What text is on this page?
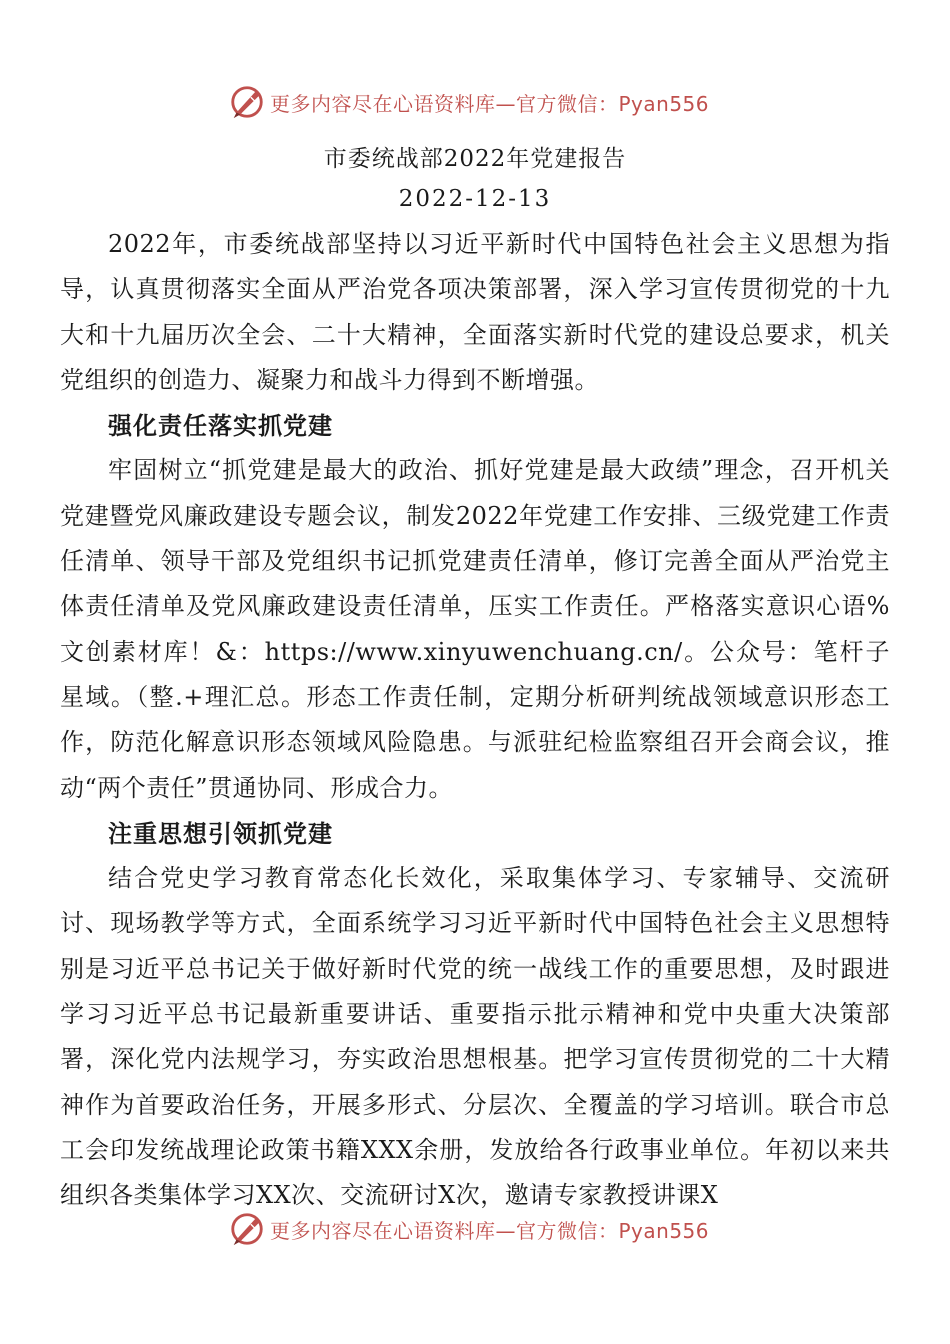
更多内容尽在心语资料库—官方微信：Pyan556
市委统战部2022年党建报告
2022-12-13

2022年，市委统战部坚持以习近平新时代中国特色社会主义思想为指导，认真贯彻落实全面从严治党各项决策部署，深入学习宣传贯彻党的十九大和十九届历次全会、二十大精神，全面落实新时代党的建设总要求，机关党组织的创造力、凝聚力和战斗力得到不断增强。

强化责任落实抓党建

牢固树立“抓党建是最大的政治、抓好党建是最大政绩”理念，召开机关党建暨党风廉政建设专题会议，制发2022年党建工作安排、三级党建工作责任清单、领导干部及党组织书记抓党建责任清单，修订完善全面从严治党主体责任清单及党风廉政建设责任清单，压实工作责任。严格落实意识心语%文创素材库！&：https://www.xinyuwenchuang.cn/。公众号：笔杆子星域。（整.+理汇总。形态工作责任制，定期分析研判统战领域意识形态工作，防范化解意识形态领域风险隐患。与派驻纪检监察组召开会商会议，推动“两个责任”贯通协同、形成合力。

注重思想引领抓党建

结合党史学习教育常态化长效化，采取集体学习、专家辅导、交流研讨、现场教学等方式，全面系统学习习近平新时代中国特色社会主义思想特别是习近平总书记关于做好新时代党的统一战线工作的重要思想，及时跟进学习习近平总书记最新重要讲话、重要指示批示精神和党中央重大决策部署，深化党内法规学习，夯实政治思想根基。把学习宣传贯彻党的二十大精神作为首要政治任务，开展多形式、分层次、全覆盖的学习培训。联合市总工会印发统战理论政策书籍XXX余册，发放给各行政事业单位。年初以来共组织各类集体学习XX次、交流研讨X次，邀请专家教授讲课X

更多内容尽在心语资料库—官方微信：Pyan556
